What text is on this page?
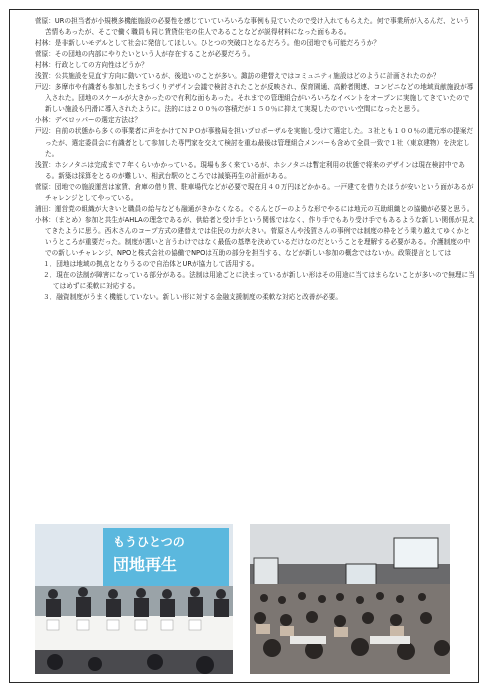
菅原：URの担当者が小規模多機能施設の必要性を感じていていろいろな事例も見ていたので受け入れてもらえた。何で事業所が入るんだ、という苦情もあったが、そこで働く職員も同じ賃貸住宅の住人であることなどが説得材料になった面もある。

村林：是非新しいモデルとして社会に発信してほしい。ひとつの突破口となるだろう。他の団地でも可能だろうか？

菅原：その団地の内部にやりたいという人が存在することが必要だろう。

村林：行政としての方向性はどうか？

浅賀：公共施設を見直す方向に動いているが、後追いのことが多い。諏訪の建替えではコミュニティ施設はどのように計画されたのか？

戸辺：多摩市や有識者も参加したまちづくりデザイン会議で検討されたことが反映され、保育園通、高齢者関連、コンビニなどの地域貢献施設が導入された。団地のスケールが大きかったので有利な面もあった。それまでの管理組合がいろいろなイベントをオープンに実施してきていたので新しい施設も円滑に導入されたように。法的には２００％の容積だが１５０％に抑えて実現したのでいい空間になったと思う。

小林：デベロッパーの選定方法は？

戸辺：自前の状態から多くの事業者に声をかけてＮＰＯが事務局を担いプロポーザルを実施し受けて選定した。３社とも１００％の還元率の提案だったが、選定委員会に有識者として参加した専門家を交えて検討を重ね最後は管理組合メンバーも含めて全員一致で１社（東京建物）を決定した。

浅賀：ホシノタニは完成まで７年くらいかかっている。現場も多く来ているが、ホシノタニは暫定利用の状態で将来のデザインは現在検討中である。新築は採算をとるのが難しい、相武台駅のところでは減築再生の計画がある。

菅原：団地での施設運営は家賃、倉庫の借り賃、駐車場代などが必要で現在月４０万円ほどかかる。一戸建てを借りたほうが安いという面があるがチャレンジとしてやっている。

浦田：運営党の組織が大きいと職員の給与なども融通がきかなくなる。ぐるんとびーのような形でやるには地元の互助組織との協働が必要と思う。

小林：（まとめ）参加と共生がAHLAの理念であるが、供給者と受け手という関係ではなく、作り手でもあり受け手でもあるような新しい関係が見えてきたように思う。西木さんのコープ方式の建替えでは住民の力が大きい。菅原さんや浅賀さんの事例では制度の枠をどう乗り越えてゆくかというところが重要だった。制度が悪いと言うわけではなく最低の基準を決めているだけなのだということを理解する必要がある。介護制度の中での新しいチャレンジ、NPOと株式会社の協働でNPOは互助の部分を担当する、などが新しい参加の概念ではないか。政策提言としては

１．団地は地域の拠点となりうるので自治体とURが協力して活用する。

２．現在の法制が障害になっている部分がある。法制は用途ごとに決まっているが新しい形はその用途に当てはまらないことが多いので無理に当てはめずに柔軟に対応する。

３．融資制度がうまく機能していない。新しい形に対する金融支援制度の柔軟な対応と改善が必要。

もうひとつの
団地再生
